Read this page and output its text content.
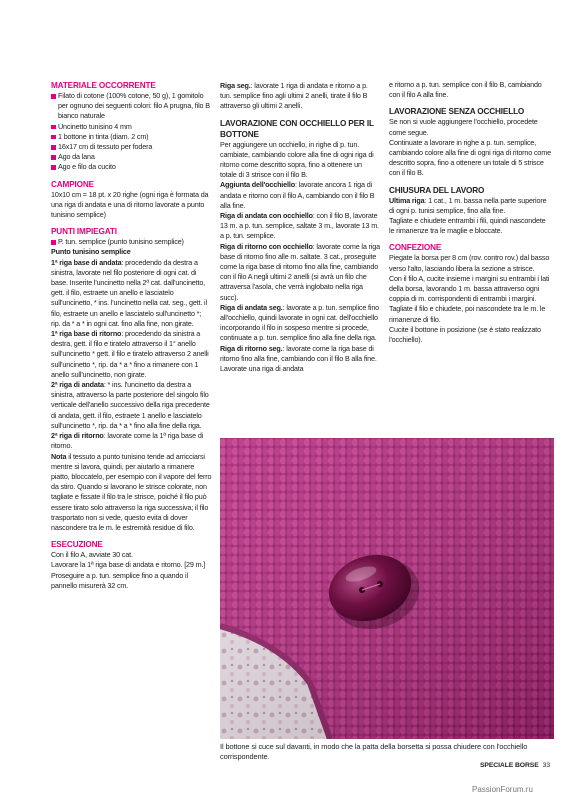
MATERIALE OCCORRENTE
Filato di cotone (100% cotone, 50 g), 1 gomitolo per ognuno dei seguenti colori: filo A prugna, filo B bianco naturale
Uncinetto tunisino 4 mm
1 bottone in tinta (diam. 2 cm)
16x17 cm di tessuto per fodera
Ago da lana
Ago e filo da cucito
CAMPIONE

10x10 cm = 18 pt. x 20 righe (ogni riga è formata da una riga di andata e una di ritorno lavorate a punto tunisino semplice)

PUNTI IMPIEGATI
P. tun. semplice (punto tunisino semplice)

Punto tunisino semplice

1ª riga base di andata: procedendo da destra a sinistra, lavorate nel filo posteriore di ogni cat. di base. Inserite l'uncinetto nella 2ª cat. dall'uncinetto, gett. il filo, estraete un anello e lasciatelo sull'uncinetto, * ins. l'uncinetto nella cat. seg., gett. il filo, estraete un anello e lasciatelo sull'uncinetto *; rip. da * a * in ogni cat. fino alla fine, non girate.

1ª riga base di ritorno: procedendo da sinistra a destra, gett. il filo e tiratelo attraverso il 1° anello sull'uncinetto * gett. il filo e tiratelo attraverso 2 anelli sull'uncinetto *, rip. da * a * fino a rimanere con 1 anello sull'uncinetto, non girate.

2ª riga di andata: * ins. l'uncinetto da destra a sinistra, attraverso la parte posteriore del singolo filo verticale dell'anello successivo della riga precedente di andata, gett. il filo, estraete 1 anello e lasciatelo sull'uncinetto *, rip. da * a * fino alla fine della riga.

2ª riga di ritorno: lavorate come la 1ª riga base di ritorno.

Nota il tessuto a punto tunisino tende ad arricciarsi mentre si lavora, quindi, per aiutarlo a rimanere piatto, bloccatelo, per esempio con il vapore del ferro da stiro. Quando si lavorano le strisce colorate, non tagliate e fissate il filo tra le strisce, poiché il filo può essere tirato solo attraverso la riga successiva; il filo trasportato non si vede, questo evita di dover nascondere tra le m. le estremità residue di filo.

ESECUZIONE

Con il filo A, avviate 30 cat.

Lavorare la 1ª riga base di andata e ritorno. [29 m.]

Proseguire a p. tun. semplice fino a quando il pannello misurerà 32 cm.

Riga seg.: lavorate 1 riga di andata e ritorno a p. tun. semplice fino agli ultimi 2 anelli, tirate il filo B attraverso gli ultimi 2 anelli.

LAVORAZIONE CON OCCHIELLO PER IL BOTTONE

Per aggiungere un occhiello, in righe di p. tun. cambiate, cambiando colore alla fine di ogni riga di ritorno come descritto sopra, fino a ottenere un totale di 3 strisce con il filo B.

Aggiunta dell'occhiello: lavorate ancora 1 riga di andata e ritorno con il filo A, cambiando con il filo B alla fine.

Riga di andata con occhiello: con il filo B, lavorate 13 m. a p. tun. semplice, saltate 3 m., lavorate 13 m. a p. tun. semplice.

Riga di ritorno con occhiello: lavorate come la riga base di ritorno fino alle m. saltate. 3 cat., proseguite come la riga base di ritorno fino alla fine, cambiando con il filo A negli ultimi 2 anelli (si avrà un filo che attraversa l'asola, che verrà inglobato nella riga succ).

Riga di andata seg.: lavorate a p. tun. semplice fino all'occhiello, quindi lavorate in ogni cat. dell'occhiello incorporando il filo in sospeso mentre si procede, continuate a p. tun. semplice fino alla fine della riga.

Riga di ritorno seg.: lavorate come la riga base di ritorno fino alla fine, cambiando con il filo B alla fine. Lavorate una riga di andata

e ritorno a p. tun. semplice con il filo B, cambiando con il filo A alla fine.

LAVORAZIONE SENZA OCCHIELLO

Se non si vuole aggiungere l'occhiello, procedete come segue.

Continuate a lavorare in righe a p. tun. semplice, cambiando colore alla fine di ogni riga di ritorno come descritto sopra, fino a ottenere un totale di 5 strisce con il filo B.

CHIUSURA DEL LAVORO

Ultima riga: 1 cat., 1 m. bassa nella parte superiore di ogni p. tunisi semplice, fino alla fine.

Tagliate e chiudete entrambi i fili, quindi nascondete le rimanenze tra le maglie e bloccate.

CONFEZIONE

Piegate la borsa per 8 cm (rov. contro rov.) dal basso verso l'alto, lasciando libera la sezione a strisce.

Con il filo A, cucite insieme i margini su entrambi i lati della borsa, lavorando 1 m. bassa attraverso ogni coppia di m. corrispondenti di entrambi i margini. Tagliate il filo e chiudete, poi nascondete tra le m. le rimanenze di filo.

Cucite il bottone in posizione (se è stato realizzato l'occhiello).

Il bottone si cuce sul davanti, in modo che la patta della borsetta si possa chiudere con l'occhiello corrispondente.

SPECIALE BORSE 33
PassionForum.ru
